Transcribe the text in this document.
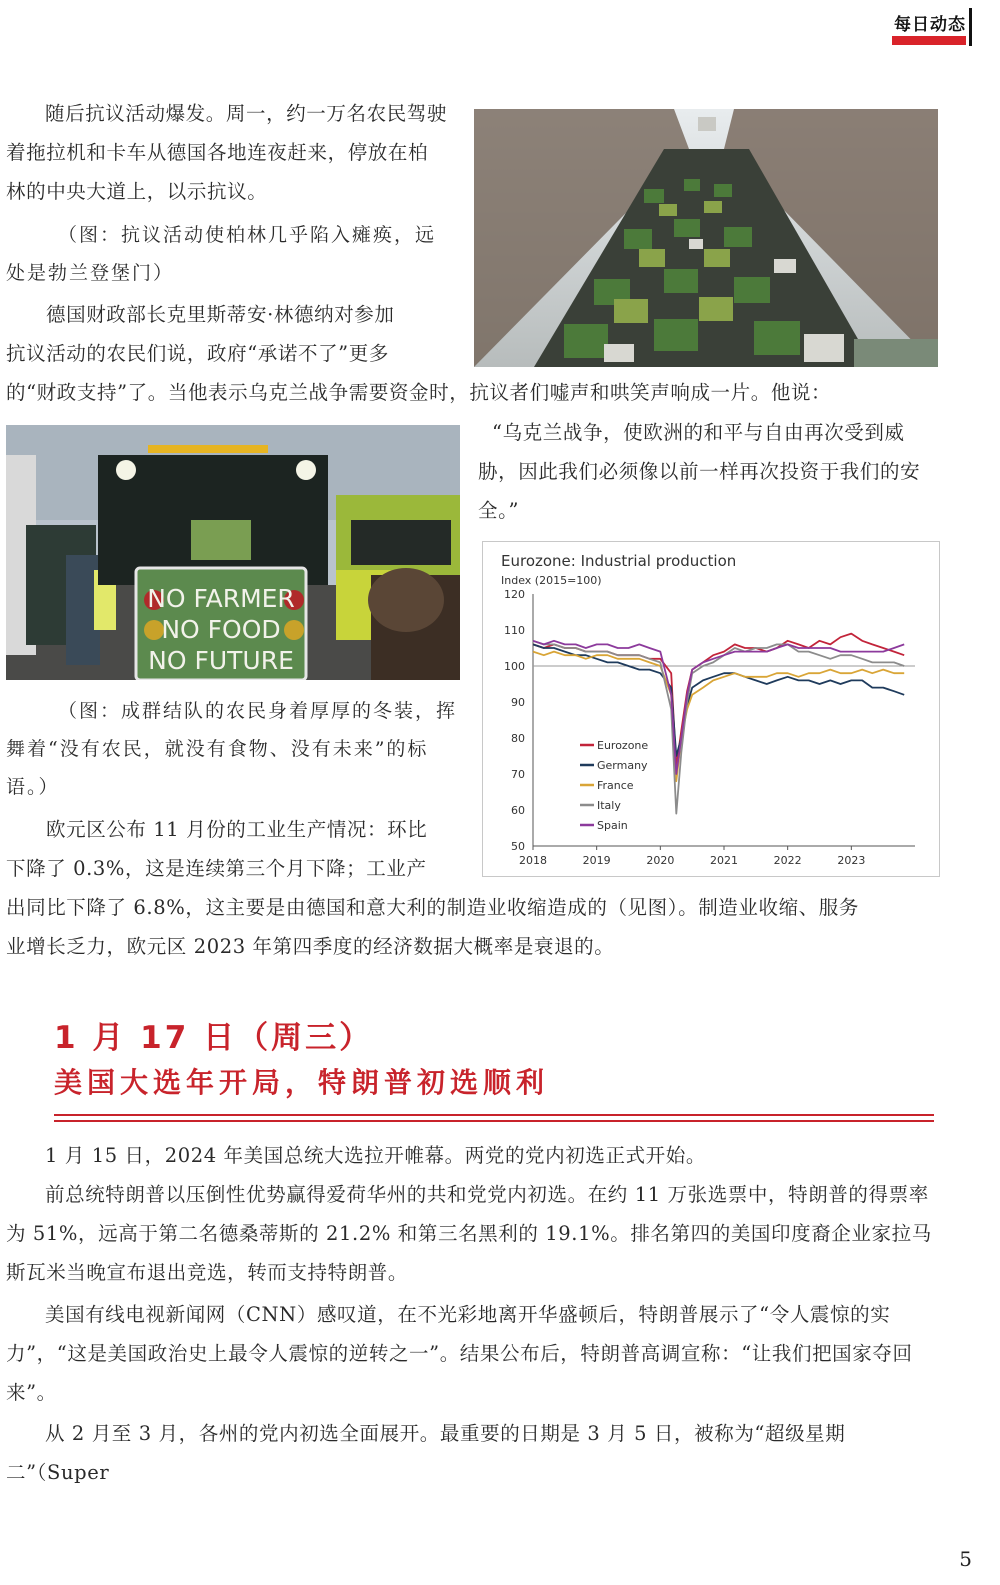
每日动态

随后抗议活动爆发。周一，约一万名农民驾驶着拖拉机和卡车从德国各地连夜赶来，停放在柏林的中央大道上，以示抗议。

（图：抗议活动使柏林几乎陷入瘫痪，远处是勃兰登堡门）

德国财政部长克里斯蒂安·林德纳对参加

抗议活动的农民们说，政府“承诺不了”更多

的“财政支持”了。当他表示乌克兰战争需要资金时，抗议者们嘘声和哄笑声响成一片。他说：

NO FARMER
NO FOOD
NO FUTURE

“乌克兰战争，使欧洲的和平与自由再次受到威胁，因此我们必须像以前一样再次投资于我们的安全。”

Eurozone: Industrial production
Index (2015=100)
50
60
70
80
90
100
110
120
2018	2019	2020	2021	2022	2023
Eurozone
Germany
France
Italy
Spain
（图：成群结队的农民身着厚厚的冬装，挥舞着“没有农民，就没有食物、没有未来”的标语。）

欧元区公布 11 月份的工业生产情况：环比

下降了 0.3%，这是连续第三个月下降；工业产

出同比下降了 6.8%，这主要是由德国和意大利的制造业收缩造成的（见图）。制造业收缩、服务

业增长乏力，欧元区 2023 年第四季度的经济数据大概率是衰退的。

1 月 17 日（周三）
美国大选年开局，特朗普初选顺利

1 月 15 日，2024 年美国总统大选拉开帷幕。两党的党内初选正式开始。

前总统特朗普以压倒性优势赢得爱荷华州的共和党党内初选。在约 11 万张选票中，特朗普的得票率为 51%，远高于第二名德桑蒂斯的 21.2% 和第三名黑利的 19.1%。排名第四的美国印度裔企业家拉马斯瓦米当晚宣布退出竞选，转而支持特朗普。

美国有线电视新闻网（CNN）感叹道，在不光彩地离开华盛顿后，特朗普展示了“令人震惊的实力”，“这是美国政治史上最令人震惊的逆转之一”。结果公布后，特朗普高调宣称：“让我们把国家夺回来”。

从 2 月至 3 月，各州的党内初选全面展开。最重要的日期是 3 月 5 日，被称为“超级星期二”（Super

5
